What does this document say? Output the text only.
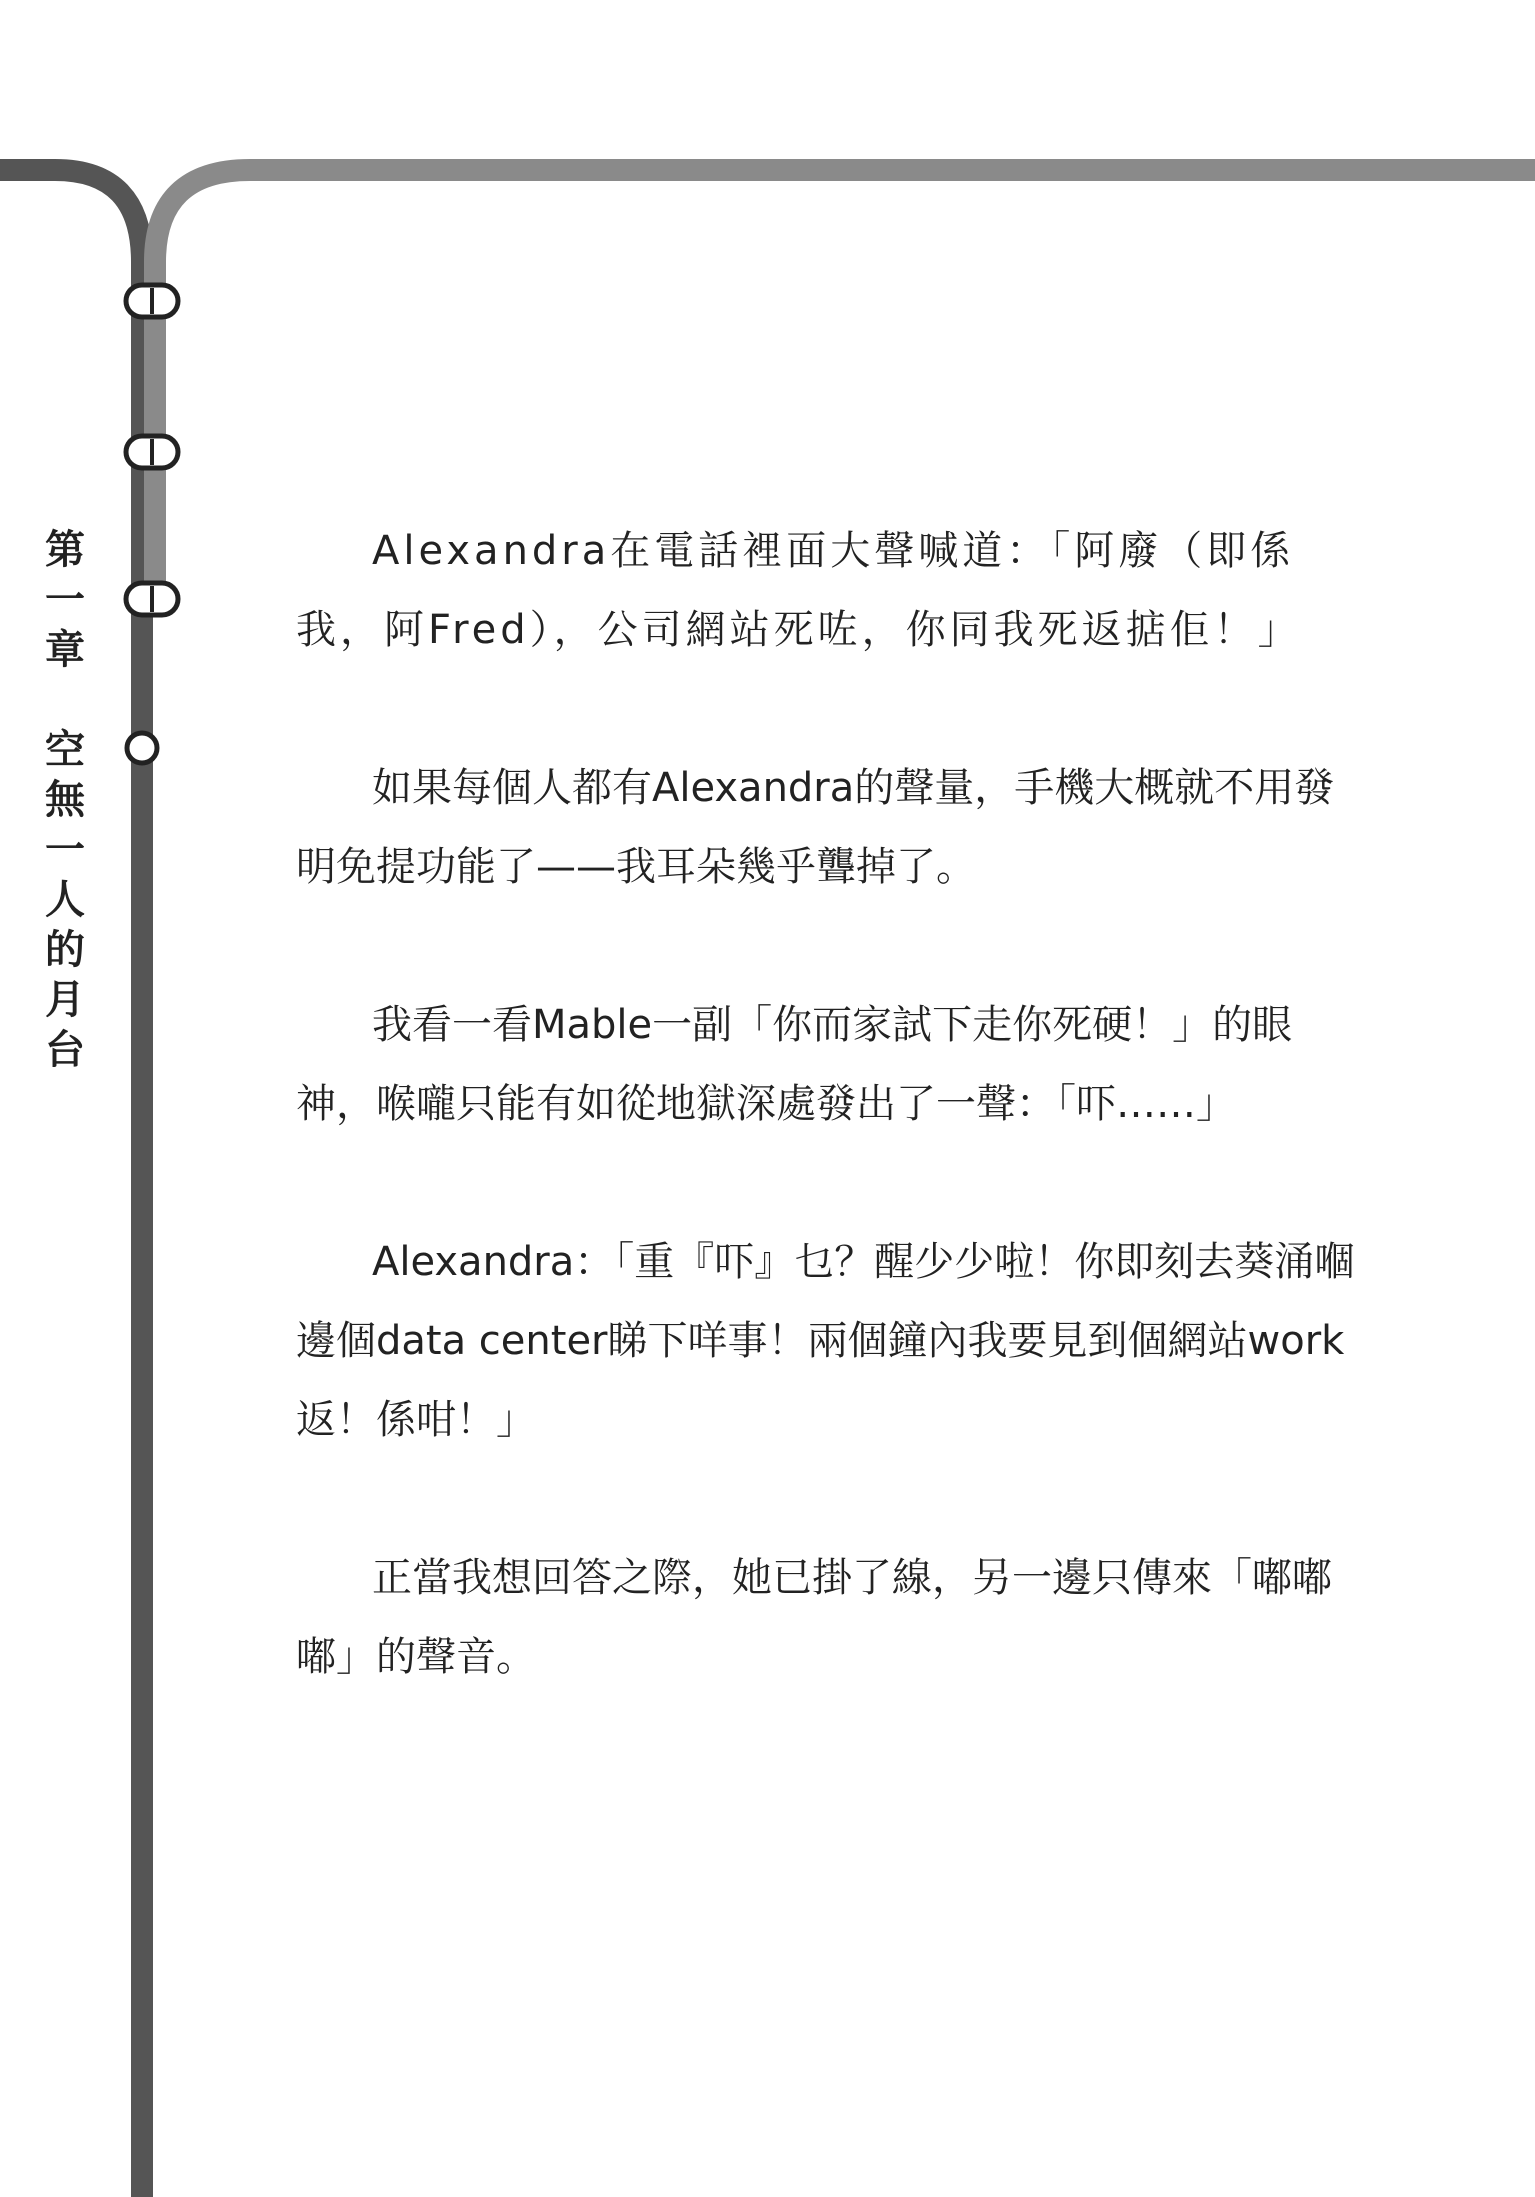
第
一
章
空
無
一
人
的
月
台

Alexandra在電話裡面大聲喊道：「阿廢（即係我，阿Fred），公司網站死咗，你同我死返掂佢！」

如果每個人都有Alexandra的聲量，手機大概就不用發明免提功能了——我耳朵幾乎聾掉了。

我看一看Mable一副「你而家試下走你死硬！」的眼神，喉嚨只能有如從地獄深處發出了一聲：「吓……」

Alexandra：「重『吓』乜？醒少少啦！你即刻去葵涌嗰邊個data center睇下咩事！兩個鐘內我要見到個網站work返！係咁！」

正當我想回答之際，她已掛了線，另一邊只傳來「嘟嘟嘟」的聲音。
